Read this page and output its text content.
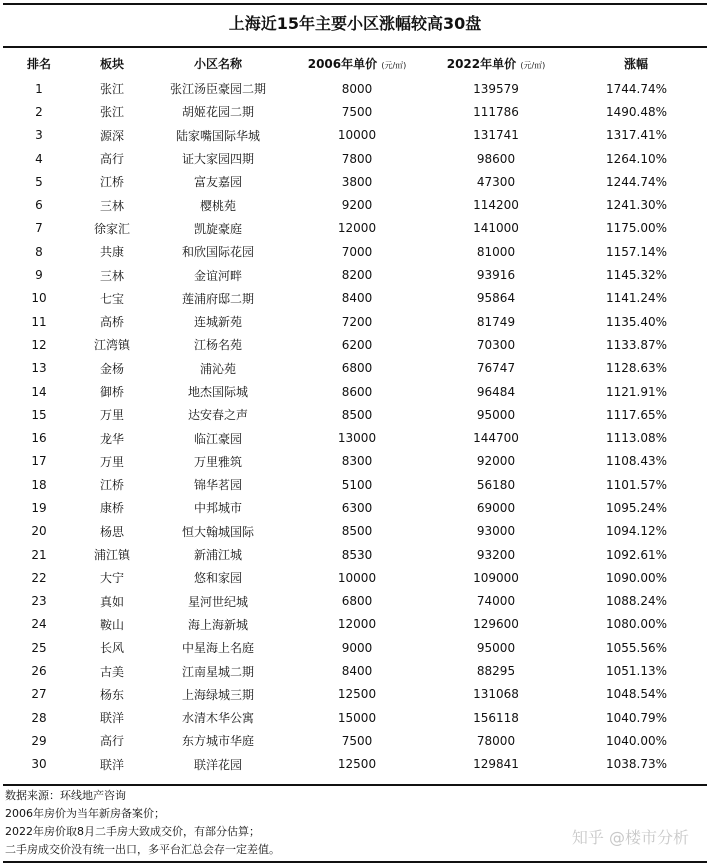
上海近15年主要小区涨幅较高30盘
排名	板块	小区名称	2006年单价 (元/㎡)	2022年单价 (元/㎡)	涨幅
1	张江	张江汤臣豪园二期	8000	139579	1744.74%
2	张江	胡姬花园二期	7500	111786	1490.48%
3	源深	陆家嘴国际华城	10000	131741	1317.41%
4	高行	证大家园四期	7800	98600	1264.10%
5	江桥	富友嘉园	3800	47300	1244.74%
6	三林	樱桃苑	9200	114200	1241.30%
7	徐家汇	凯旋豪庭	12000	141000	1175.00%
8	共康	和欣国际花园	7000	81000	1157.14%
9	三林	金谊河畔	8200	93916	1145.32%
10	七宝	莲浦府邸二期	8400	95864	1141.24%
11	高桥	连城新苑	7200	81749	1135.40%
12	江湾镇	江杨名苑	6200	70300	1133.87%
13	金杨	浦沁苑	6800	76747	1128.63%
14	御桥	地杰国际城	8600	96484	1121.91%
15	万里	达安春之声	8500	95000	1117.65%
16	龙华	临江豪园	13000	144700	1113.08%
17	万里	万里雅筑	8300	92000	1108.43%
18	江桥	锦华茗园	5100	56180	1101.57%
19	康桥	中邦城市	6300	69000	1095.24%
20	杨思	恒大翰城国际	8500	93000	1094.12%
21	浦江镇	新浦江城	8530	93200	1092.61%
22	大宁	悠和家园	10000	109000	1090.00%
23	真如	星河世纪城	6800	74000	1088.24%
24	鞍山	海上海新城	12000	129600	1080.00%
25	长风	中星海上名庭	9000	95000	1055.56%
26	古美	江南星城二期	8400	88295	1051.13%
27	杨东	上海绿城三期	12500	131068	1048.54%
28	联洋	水清木华公寓	15000	156118	1040.79%
29	高行	东方城市华庭	7500	78000	1040.00%
30	联洋	联洋花园	12500	129841	1038.73%
数据来源：环线地产咨询
2006年房价为当年新房备案价；
2022年房价取8月二手房大致成交价，有部分估算；
二手房成交价没有统一出口，多平台汇总会存一定差值。
知乎 @楼市分析
